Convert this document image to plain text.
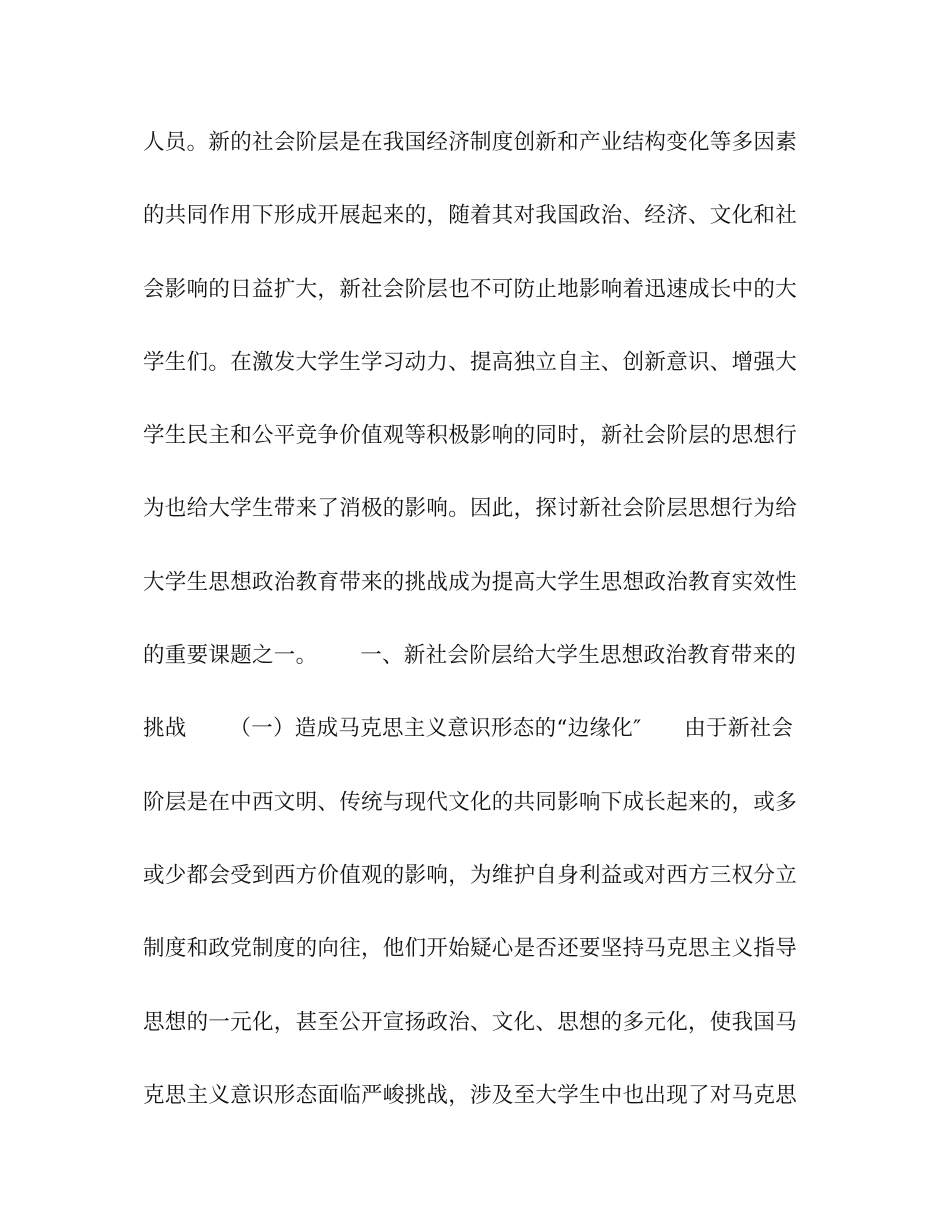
人员。新的社会阶层是在我国经济制度创新和产业结构变化等多因素
的共同作用下形成开展起来的，随着其对我国政治、经济、文化和社
会影响的日益扩大，新社会阶层也不可防止地影响着迅速成长中的大
学生们。在激发大学生学习动力、提高独立自主、创新意识、增强大
学生民主和公平竞争价值观等积极影响的同时，新社会阶层的思想行
为也给大学生带来了消极的影响。因此，探讨新社会阶层思想行为给
大学生思想政治教育带来的挑战成为提高大学生思想政治教育实效性
的重要课题之一。      一、新社会阶层给大学生思想政治教育带来的
挑战      （一）造成马克思主义意识形态的“边缘化″      由于新社会
阶层是在中西文明、传统与现代文化的共同影响下成长起来的，或多
或少都会受到西方价值观的影响，为维护自身利益或对西方三权分立
制度和政党制度的向往，他们开始疑心是否还要坚持马克思主义指导
思想的一元化，甚至公开宣扬政治、文化、思想的多元化，使我国马
克思主义意识形态面临严峻挑战，涉及至大学生中也出现了对马克思
